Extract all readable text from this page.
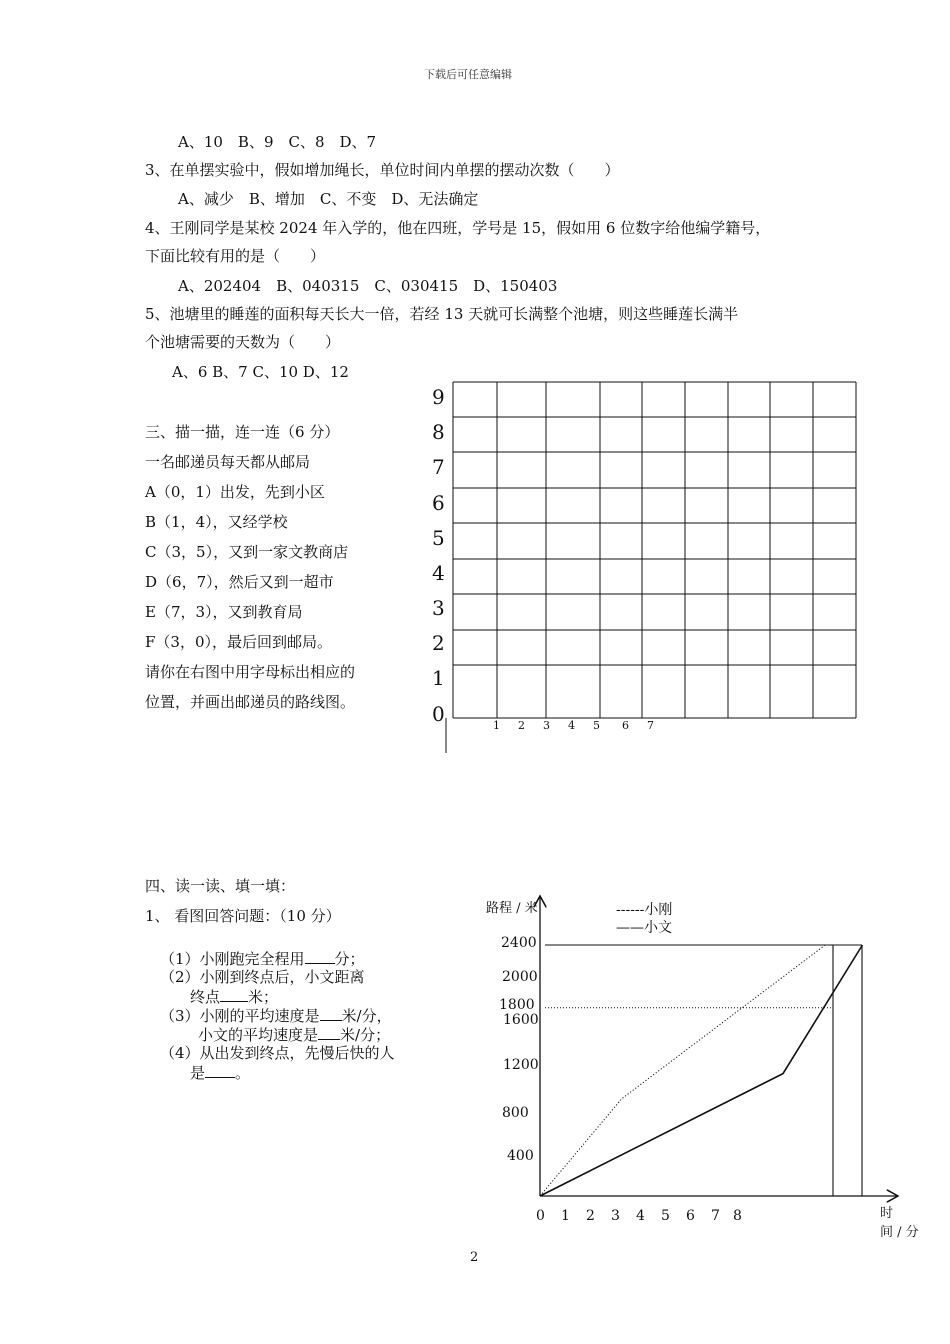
下载后可任意编辑
A、10　B、9　C、8　D、7
3、在单摆实验中，假如增加绳长，单位时间内单摆的摆动次数（　　）
A、减少　B、增加　C、不变　D、无法确定
4、王刚同学是某校 2024 年入学的，他在四班，学号是 15，假如用 6 位数字给他编学籍号，
下面比较有用的是（　　）
A、202404　B、040315　C、030415　D、150403
5、池塘里的睡莲的面积每天长大一倍，若经 13 天就可长满整个池塘，则这些睡莲长满半
个池塘需要的天数为（　　）
A、6 B、7 C、10 D、12
三、描一描，连一连（6 分）
一名邮递员每天都从邮局
A（0，1）出发，先到小区
B（1，4），又经学校
C（3，5），又到一家文教商店
D（6，7），然后又到一超市
E（7，3），又到教育局
F（3，0），最后回到邮局。
请你在右图中用字母标出相应的
位置，并画出邮递员的路线图。
9
8
7
6
5
4
3
2
1
0	1 2 3 4 5 6 7
四、读一读、填一填：
1、 看图回答问题：（10 分）
（1）小刚跑完全程用 分；
（2）小刚到终点后，小文距离
终点 米；
（3）小刚的平均速度是 米/分，
小文的平均速度是 米/分；
（4）从出发到终点，先慢后快的人
是 。
0 1 2 3 4 5 6 7 8
400
800
1200
1600
1800
2000
2400
路程 / 米
时
间 / 分
------小刚
——小文
2
